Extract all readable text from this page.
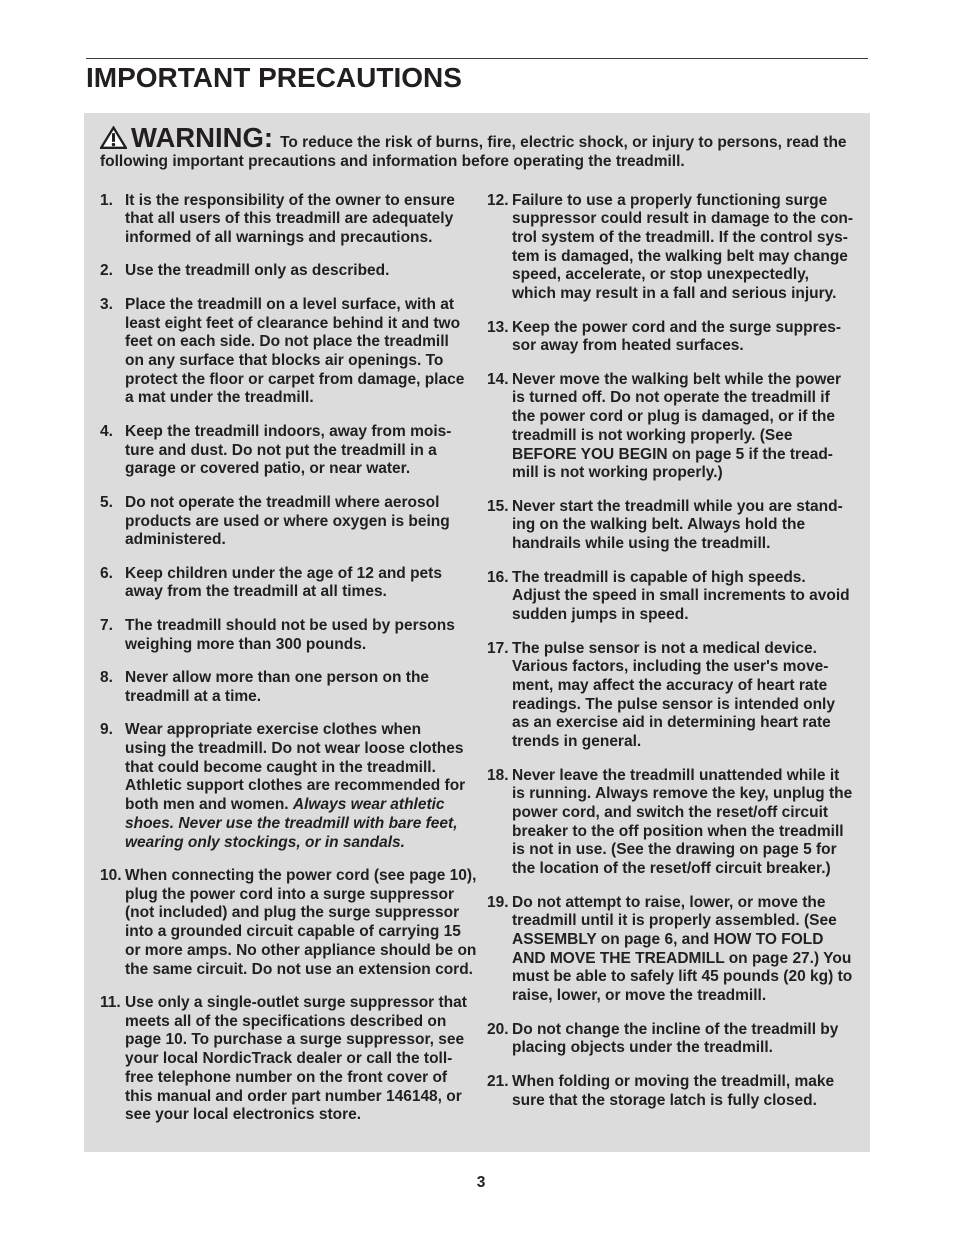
IMPORTANT PRECAUTIONS
WARNING: To reduce the risk of burns, fire, electric shock, or injury to persons, read the
following important precautions and information before operating the treadmill.
1. It is the responsibility of the owner to ensure
that all users of this treadmill are adequately
informed of all warnings and precautions.
2. Use the treadmill only as described.
3. Place the treadmill on a level surface, with at
least eight feet of clearance behind it and two
feet on each side. Do not place the treadmill
on any surface that blocks air openings. To
protect the floor or carpet from damage, place
a mat under the treadmill.
4. Keep the treadmill indoors, away from mois-
ture and dust. Do not put the treadmill in a
garage or covered patio, or near water.
5. Do not operate the treadmill where aerosol
products are used or where oxygen is being
administered.
6. Keep children under the age of 12 and pets
away from the treadmill at all times.
7. The treadmill should not be used by persons
weighing more than 300 pounds.
8. Never allow more than one person on the
treadmill at a time.
9. Wear appropriate exercise clothes when
using the treadmill. Do not wear loose clothes
that could become caught in the treadmill.
Athletic support clothes are recommended for
both men and women. Always wear athletic
shoes. Never use the treadmill with bare feet,
wearing only stockings, or in sandals.
10. When connecting the power cord (see page 10),
plug the power cord into a surge suppressor
(not included) and plug the surge suppressor
into a grounded circuit capable of carrying 15
or more amps. No other appliance should be on
the same circuit. Do not use an extension cord.
11. Use only a single-outlet surge suppressor that
meets all of the specifications described on
page 10. To purchase a surge suppressor, see
your local NordicTrack dealer or call the toll-
free telephone number on the front cover of
this manual and order part number 146148, or
see your local electronics store.
12. Failure to use a properly functioning surge
suppressor could result in damage to the con-
trol system of the treadmill. If the control sys-
tem is damaged, the walking belt may change
speed, accelerate, or stop unexpectedly,
which may result in a fall and serious injury.
13. Keep the power cord and the surge suppres-
sor away from heated surfaces.
14. Never move the walking belt while the power
is turned off. Do not operate the treadmill if
the power cord or plug is damaged, or if the
treadmill is not working properly. (See
BEFORE YOU BEGIN on page 5 if the tread-
mill is not working properly.)
15. Never start the treadmill while you are stand-
ing on the walking belt. Always hold the
handrails while using the treadmill.
16. The treadmill is capable of high speeds.
Adjust the speed in small increments to avoid
sudden jumps in speed.
17. The pulse sensor is not a medical device.
Various factors, including the user's move-
ment, may affect the accuracy of heart rate
readings. The pulse sensor is intended only
as an exercise aid in determining heart rate
trends in general.
18. Never leave the treadmill unattended while it
is running. Always remove the key, unplug the
power cord, and switch the reset/off circuit
breaker to the off position when the treadmill
is not in use. (See the drawing on page 5 for
the location of the reset/off circuit breaker.)
19. Do not attempt to raise, lower, or move the
treadmill until it is properly assembled. (See
ASSEMBLY on page 6, and HOW TO FOLD
AND MOVE THE TREADMILL on page 27.) You
must be able to safely lift 45 pounds (20 kg) to
raise, lower, or move the treadmill.
20. Do not change the incline of the treadmill by
placing objects under the treadmill.
21. When folding or moving the treadmill, make
sure that the storage latch is fully closed.
3
